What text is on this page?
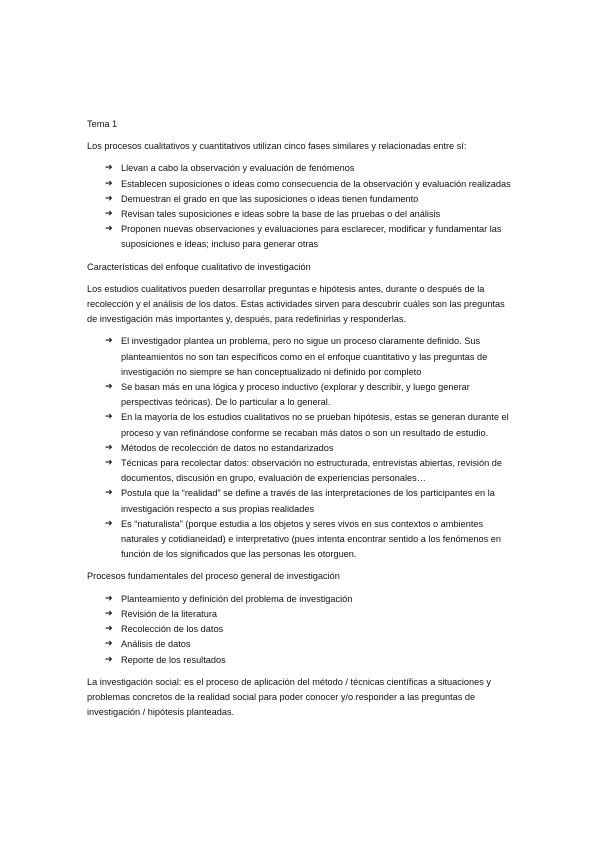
Tema 1

Los procesos cualitativos y cuantitativos utilizan cinco fases similares y relacionadas entre sí:

➔ Llevan a cabo la observación y evaluación de fenómenos
➔ Establecen suposiciones o ideas como consecuencia de la observación y evaluación realizadas
➔ Demuestran el grado en que las suposiciones o ideas tienen fundamento
➔ Revisan tales suposiciones e ideas sobre la base de las pruebas o del análisis
➔ Proponen nuevas observaciones y evaluaciones para esclarecer, modificar y fundamentar las suposiciones e ideas; incluso para generar otras

Características del enfoque cualitativo de investigación

Los estudios cualitativos pueden desarrollar preguntas e hipótesis antes, durante o después de la recolección y el análisis de los datos. Estas actividades sirven para descubrir cuáles son las preguntas de investigación más importantes y, después, para redefinirlas y responderlas.

➔ El investigador plantea un problema, pero no sigue un proceso claramente definido. Sus planteamientos no son tan específicos como en el enfoque cuantitativo y las preguntas de investigación no siempre se han conceptualizado ni definido por completo
➔ Se basan más en una lógica y proceso inductivo (explorar y describir, y luego generar perspectivas teóricas). De lo particular a lo general.
➔ En la mayoría de los estudios cualitativos no se prueban hipótesis, estas se generan durante el proceso y van refinándose conforme se recaban más datos o son un resultado de estudio.
➔ Métodos de recolección de datos no estandarizados
➔ Técnicas para recolectar datos: observación no estructurada, entrevistas abiertas, revisión de documentos, discusión en grupo, evaluación de experiencias personales…
➔ Postula que la “realidad” se define a través de las interpretaciones de los participantes en la investigación respecto a sus propias realidades
➔ Es “naturalista” (porque estudia a los objetos y seres vivos en sus contextos o ambientes naturales y cotidianeidad) e interpretativo (pues intenta encontrar sentido a los fenómenos en función de los significados que las personas les otorguen.

Procesos fundamentales del proceso general de investigación

➔ Planteamiento y definición del problema de investigación
➔ Revisión de la literatura
➔ Recolección de los datos
➔ Análisis de datos
➔ Reporte de los resultados

La investigación social: es el proceso de aplicación del método / técnicas científicas a situaciones y problemas concretos de la realidad social para poder conocer y/o responder a las preguntas de investigación / hipótesis planteadas.
